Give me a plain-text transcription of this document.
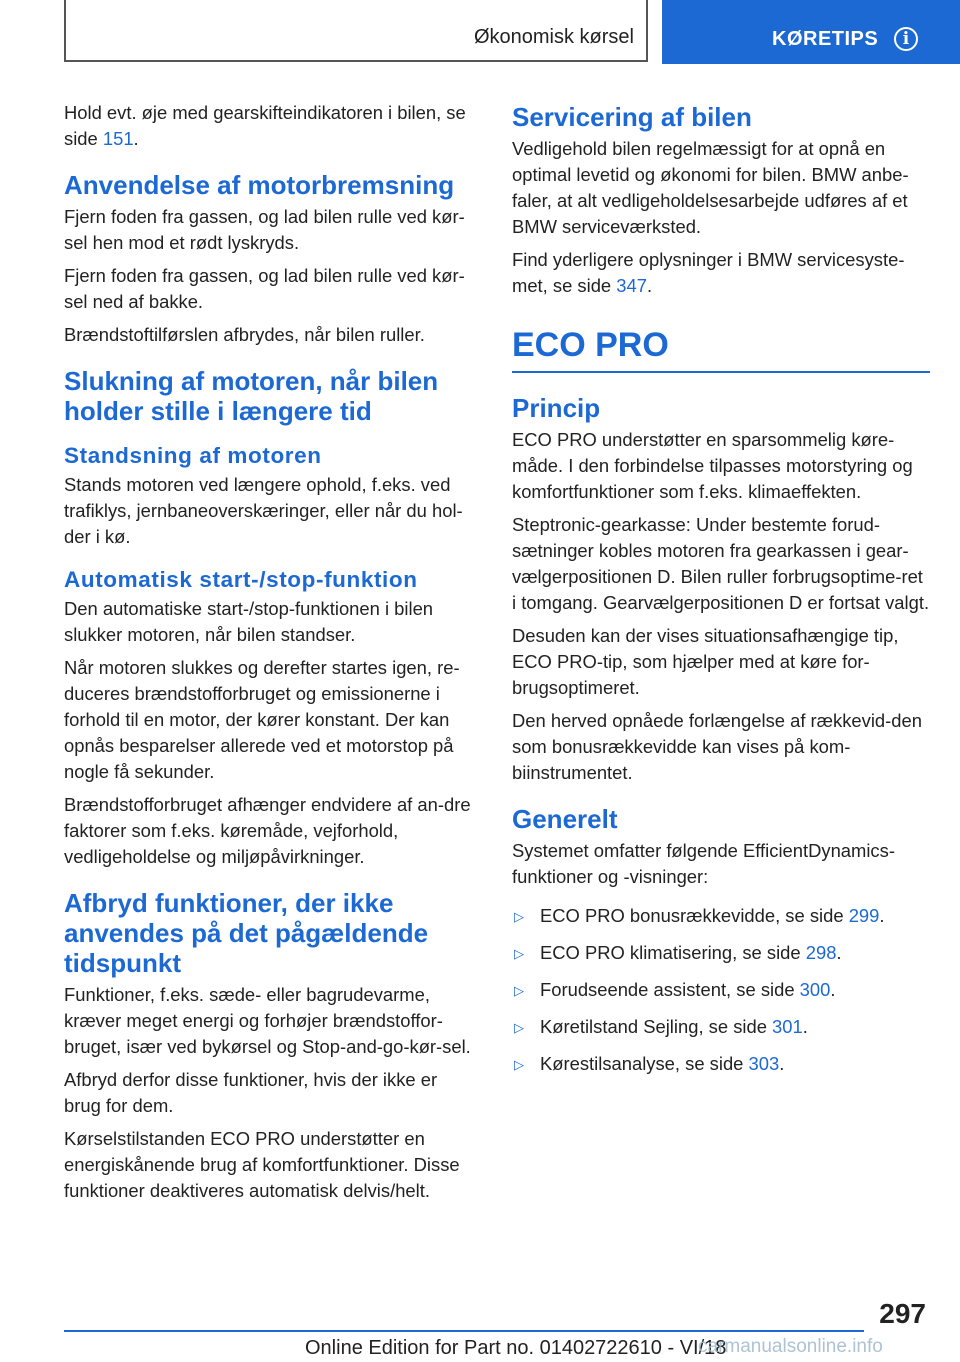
Økonomisk kørsel	KØRETIPS	i

Hold evt. øje med gearskifteindikatoren i bilen, se side 151.

Anvendelse af motorbremsning

Fjern foden fra gassen, og lad bilen rulle ved kør-sel hen mod et rødt lyskryds.

Fjern foden fra gassen, og lad bilen rulle ved kør-sel ned af bakke.

Brændstoftilførslen afbrydes, når bilen ruller.

Slukning af motoren, når bilen holder stille i længere tid
Standsning af motoren

Stands motoren ved længere ophold, f.eks. ved trafiklys, jernbaneoverskæringer, eller når du hol-der i kø.

Automatisk start-/stop-funktion

Den automatiske start-/stop-funktionen i bilen slukker motoren, når bilen standser.

Når motoren slukkes og derefter startes igen, re-duceres brændstofforbruget og emissionerne i forhold til en motor, der kører konstant. Der kan opnås besparelser allerede ved et motorstop på nogle få sekunder.

Brændstofforbruget afhænger endvidere af an-dre faktorer som f.eks. køremåde, vejforhold, vedligeholdelse og miljøpåvirkninger.

Afbryd funktioner, der ikke anvendes på det pågældende tidspunkt

Funktioner, f.eks. sæde- eller bagrudevarme, kræver meget energi og forhøjer brændstoffor-bruget, især ved bykørsel og Stop-and-go-kør-sel.

Afbryd derfor disse funktioner, hvis der ikke er brug for dem.

Kørselstilstanden ECO PRO understøtter en energiskånende brug af komfortfunktioner. Disse funktioner deaktiveres automatisk delvis/helt.

Servicering af bilen

Vedligehold bilen regelmæssigt for at opnå en optimal levetid og økonomi for bilen. BMW anbe-faler, at alt vedligeholdelsesarbejde udføres af et BMW serviceværksted.

Find yderligere oplysninger i BMW servicesyste-met, se side 347.

ECO PRO
Princip

ECO PRO understøtter en sparsommelig køre-måde. I den forbindelse tilpasses motorstyring og komfortfunktioner som f.eks. klimaeffekten.

Steptronic-gearkasse: Under bestemte forud-sætninger kobles motoren fra gearkassen i gear-vælgerpositionen D. Bilen ruller forbrugsoptime-ret i tomgang. Gearvælgerpositionen D er fortsat valgt.

Desuden kan der vises situationsafhængige tip, ECO PRO-tip, som hjælper med at køre for-brugsoptimeret.

Den herved opnåede forlængelse af rækkevid-den som bonusrækkevidde kan vises på kom-biinstrumentet.

Generelt

Systemet omfatter følgende EfficientDynamics-funktioner og -visninger:

▷ ECO PRO bonusrækkevidde, se side 299.
▷ ECO PRO klimatisering, se side 298.
▷ Forudseende assistent, se side 300.
▷ Køretilstand Sejling, se side 301.
▷ Kørestilsanalyse, se side 303.
297
Online Edition for Part no. 01402722610 - VI/18
carmanualsonline.info
